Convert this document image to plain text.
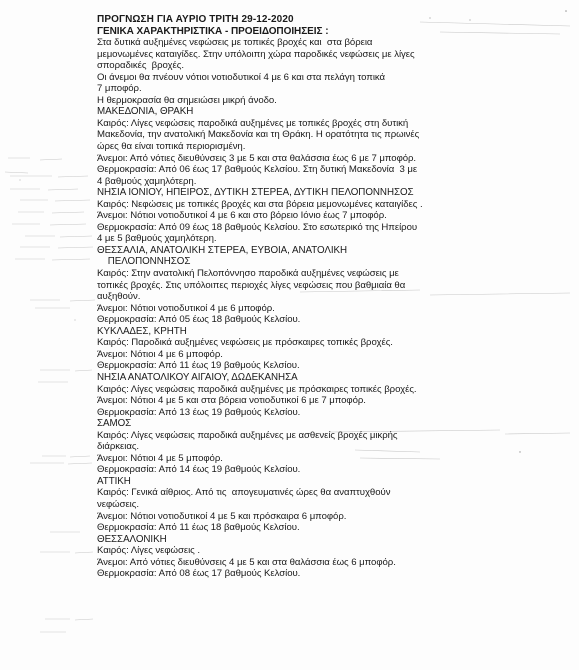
ΠΡΟΓΝΩΣΗ ΓΙΑ ΑΥΡΙΟ ΤΡΙΤΗ 29-12-2020

ΓΕΝΙΚΑ ΧΑΡΑΚΤΗΡΙΣΤΙΚΑ - ΠΡΟΕΙΔΟΠΟΙΗΣΕΙΣ :

Στα δυτικά αυξημένες νεφώσεις με τοπικές βροχές και  στα βόρεια

μεμονωμένες καταιγίδες. Στην υπόλοιπη χώρα παροδικές νεφώσεις με λίγες

σποραδικές  βροχές.

Οι άνεμοι θα πνέουν νότιοι νοτιοδυτικοί 4 με 6 και στα πελάγη τοπικά

7 μποφόρ.

Η θερμοκρασία θα σημειώσει μικρή άνοδο.

ΜΑΚΕΔΟΝΙΑ, ΘΡΑΚΗ

Καιρός: Λίγες νεφώσεις παροδικά αυξημένες με τοπικές βροχές στη δυτική

Μακεδονία, την ανατολική Μακεδονία και τη Θράκη. Η ορατότητα τις πρωινές

ώρες θα είναι τοπικά περιορισμένη.

Άνεμοι: Από νότιες διευθύνσεις 3 με 5 και στα θαλάσσια έως 6 με 7 μποφόρ.

Θερμοκρασία: Από 06 έως 17 βαθμούς Κελσίου. Στη δυτική Μακεδονία  3 με

4 βαθμούς χαμηλότερη.

ΝΗΣΙΑ ΙΟΝΙΟΥ, ΗΠΕΙΡΟΣ, ΔΥΤΙΚΗ ΣΤΕΡΕΑ, ΔΥΤΙΚΗ ΠΕΛΟΠΟΝΝΗΣΟΣ

Καιρός: Νεφώσεις με τοπικές βροχές και στα βόρεια μεμονωμένες καταιγίδες .

Άνεμοι: Νότιοι νοτιοδυτικοί 4 με 6 και στο βόρειο Ιόνιο έως 7 μποφόρ.

Θερμοκρασία: Από 09 έως 18 βαθμούς Κελσίου. Στο εσωτερικό της Ηπείρου

4 με 5 βαθμούς χαμηλότερη.

ΘΕΣΣΑΛΙΑ, ΑΝΑΤΟΛΙΚΗ ΣΤΕΡΕΑ, ΕΥΒΟΙΑ, ΑΝΑΤΟΛΙΚΗ

ΠΕΛΟΠΟΝΝΗΣΟΣ

Καιρός: Στην ανατολική Πελοπόννησο παροδικά αυξημένες νεφώσεις με

τοπικές βροχές. Στις υπόλοιπες περιοχές λίγες νεφώσεις που βαθμιαία θα

αυξηθούν.

Άνεμοι: Νότιοι νοτιοδυτικοί 4 με 6 μποφόρ.

Θερμοκρασία: Από 05 έως 18 βαθμούς Κελσίου.

ΚΥΚΛΑΔΕΣ, ΚΡΗΤΗ

Καιρός: Παροδικά αυξημένες νεφώσεις με πρόσκαιρες τοπικές βροχές.

Άνεμοι: Νότιοι 4 με 6 μποφόρ.

Θερμοκρασία: Από 11 έως 19 βαθμούς Κελσίου.

ΝΗΣΙΑ ΑΝΑΤΟΛΙΚΟΥ ΑΙΓΑΙΟΥ, ΔΩΔΕΚΑΝΗΣΑ

Καιρός: Λίγες νεφώσεις παροδικά αυξημένες με πρόσκαιρες τοπικές βροχές.

Άνεμοι: Νότιοι 4 με 5 και στα βόρεια νοτιοδυτικοί 6 με 7 μποφόρ.

Θερμοκρασία: Από 13 έως 19 βαθμούς Κελσίου.

ΣΑΜΟΣ

Καιρός: Λίγες νεφώσεις παροδικά αυξημένες με ασθενείς βροχές μικρής

διάρκειας.

Άνεμοι: Νότιοι 4 με 5 μποφόρ.

Θερμοκρασία: Από 14 έως 19 βαθμούς Κελσίου.

ΑΤΤΙΚΗ

Καιρός: Γενικά αίθριος. Από τις  απογευματινές ώρες θα αναπτυχθούν

νεφώσεις.

Άνεμοι: Νότιοι νοτιοδυτικοί 4 με 5 και πρόσκαιρα 6 μποφόρ.

Θερμοκρασία: Από 11 έως 18 βαθμούς Κελσίου.

ΘΕΣΣΑΛΟΝΙΚΗ

Καιρός: Λίγες νεφώσεις .

Άνεμοι: Από νότιες διευθύνσεις 4 με 5 και στα θαλάσσια έως 6 μποφόρ.

Θερμοκρασία: Από 08 έως 17 βαθμούς Κελσίου.
